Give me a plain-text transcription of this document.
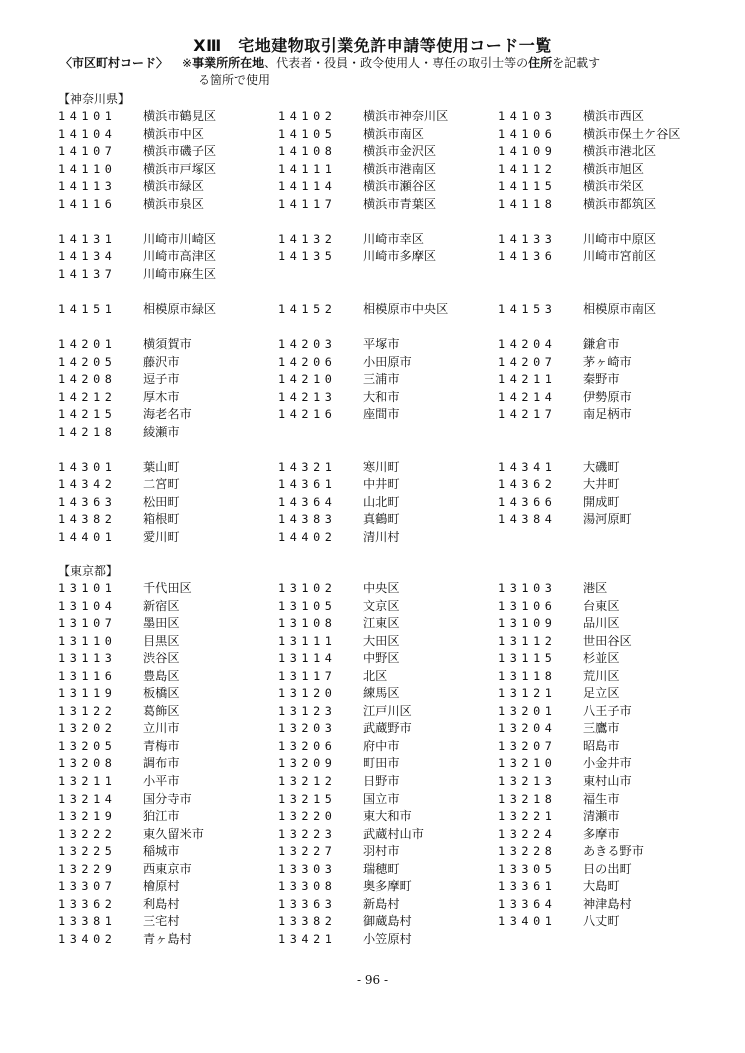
ⅩⅢ　宅地建物取引業免許申請等使用コード一覧
〈市区町村コード〉 ※事業所所在地、代表者・役員・政令使用人・専任の取引士等の住所を記載す
る箇所で使用
【神奈川県】
14101	横浜市鶴見区	14102	横浜市神奈川区	14103	横浜市西区
14104	横浜市中区	14105	横浜市南区	14106	横浜市保土ケ谷区
14107	横浜市磯子区	14108	横浜市金沢区	14109	横浜市港北区
14110	横浜市戸塚区	14111	横浜市港南区	14112	横浜市旭区
14113	横浜市緑区	14114	横浜市瀬谷区	14115	横浜市栄区
14116	横浜市泉区	14117	横浜市青葉区	14118	横浜市都筑区
14131	川崎市川崎区	14132	川崎市幸区	14133	川崎市中原区
14134	川崎市高津区	14135	川崎市多摩区	14136	川崎市宮前区
14137	川崎市麻生区
14151	相模原市緑区	14152	相模原市中央区	14153	相模原市南区
14201	横須賀市	14203	平塚市	14204	鎌倉市
14205	藤沢市	14206	小田原市	14207	茅ヶ崎市
14208	逗子市	14210	三浦市	14211	秦野市
14212	厚木市	14213	大和市	14214	伊勢原市
14215	海老名市	14216	座間市	14217	南足柄市
14218	綾瀬市
14301	葉山町	14321	寒川町	14341	大磯町
14342	二宮町	14361	中井町	14362	大井町
14363	松田町	14364	山北町	14366	開成町
14382	箱根町	14383	真鶴町	14384	湯河原町
14401	愛川町	14402	清川村
【東京都】
13101	千代田区	13102	中央区	13103	港区
13104	新宿区	13105	文京区	13106	台東区
13107	墨田区	13108	江東区	13109	品川区
13110	目黒区	13111	大田区	13112	世田谷区
13113	渋谷区	13114	中野区	13115	杉並区
13116	豊島区	13117	北区	13118	荒川区
13119	板橋区	13120	練馬区	13121	足立区
13122	葛飾区	13123	江戸川区	13201	八王子市
13202	立川市	13203	武蔵野市	13204	三鷹市
13205	青梅市	13206	府中市	13207	昭島市
13208	調布市	13209	町田市	13210	小金井市
13211	小平市	13212	日野市	13213	東村山市
13214	国分寺市	13215	国立市	13218	福生市
13219	狛江市	13220	東大和市	13221	清瀬市
13222	東久留米市	13223	武蔵村山市	13224	多摩市
13225	稲城市	13227	羽村市	13228	あきる野市
13229	西東京市	13303	瑞穂町	13305	日の出町
13307	檜原村	13308	奥多摩町	13361	大島町
13362	利島村	13363	新島村	13364	神津島村
13381	三宅村	13382	御蔵島村	13401	八丈町
13402	青ヶ島村	13421	小笠原村
- 96 -
